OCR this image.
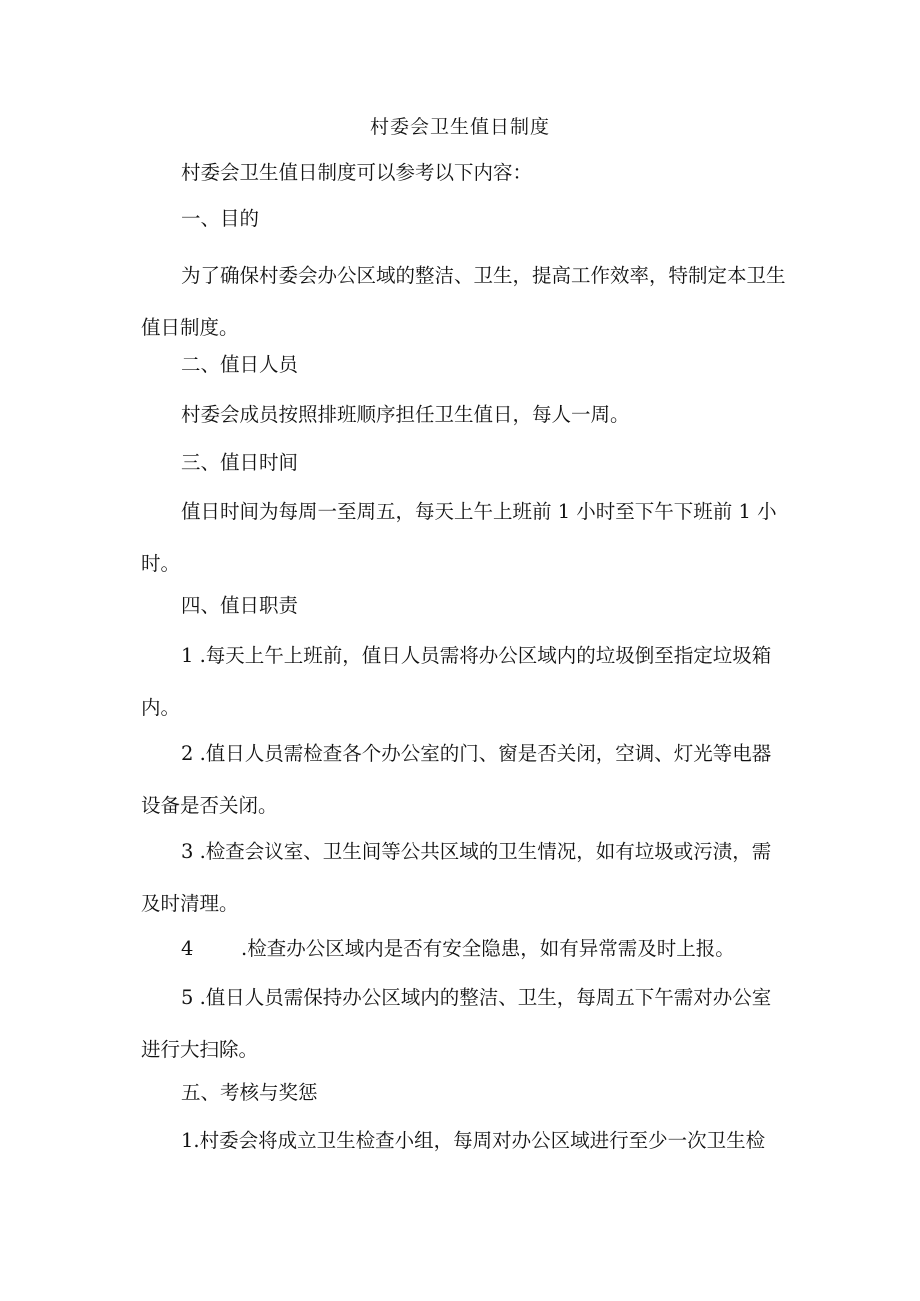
村委会卫生值日制度
村委会卫生值日制度可以参考以下内容：
一、目的
为了确保村委会办公区域的整洁、卫生，提高工作效率，特制定本卫生值日制度。
二、值日人员
村委会成员按照排班顺序担任卫生值日，每人一周。
三、值日时间
值日时间为每周一至周五，每天上午上班前 1 小时至下午下班前 1 小时。
四、值日职责
1 .每天上午上班前，值日人员需将办公区域内的垃圾倒至指定垃圾箱内。
2 .值日人员需检查各个办公室的门、窗是否关闭，空调、灯光等电器设备是否关闭。
3 .检查会议室、卫生间等公共区域的卫生情况，如有垃圾或污渍，需及时清理。
4 .检查办公区域内是否有安全隐患，如有异常需及时上报。
5 .值日人员需保持办公区域内的整洁、卫生，每周五下午需对办公室进行大扫除。
五、考核与奖惩
1.村委会将成立卫生检查小组，每周对办公区域进行至少一次卫生检
